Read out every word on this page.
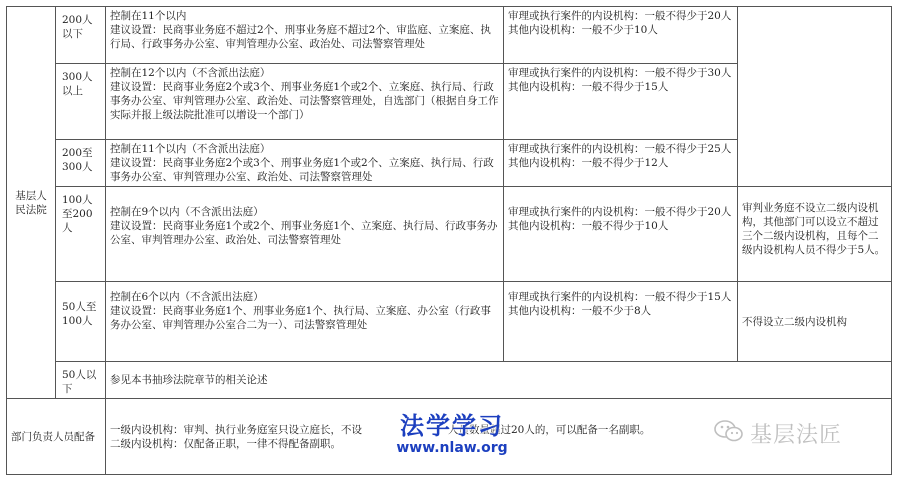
基层人民法院	200人以下	控制在11个以内
建议设置：民商事业务庭不超过2个、刑事业务庭不超过2个、审监庭、立案庭、执行局、行政事务办公室、审判管理办公室、政治处、司法警察管理处	审理或执行案件的内设机构：一般不得少于20人
其他内设机构：一般不少于10人	

	300人以上	控制在12个以内（不含派出法庭）
建议设置：民商事业务庭2个或3个、刑事业务庭1个或2个、立案庭、执行局、行政事务办公室、审判管理办公室、政治处、司法警察管理处，自选部门（根据自身工作实际并报上级法院批准可以增设一个部门）	审理或执行案件的内设机构：一般不得少于30人
其他内设机构：一般不得少于15人	

	200至300人	控制在11个以内（不含派出法庭）
建议设置：民商事业务庭2个或3个、刑事业务庭1个或2个、立案庭、执行局、行政事务办公室、审判管理办公室、政治处、司法警察管理处	审理或执行案件的内设机构：一般不得少于25人
其他内设机构：一般不得少于12人	

	100人至200人	控制在9个以内（不含派出法庭）
建议设置：民商事业务庭1个或2个、刑事业务庭1个、立案庭、执行局、行政事务办公室、审判管理办公室、政治处、司法警察管理处	审理或执行案件的内设机构：一般不得少于20人
其他内设机构：一般不得少于10人	审判业务庭不设立二级内设机构，其他部门可以设立不超过三个二级内设机构，且每个二级内设机构人员不得少于5人。
	50人至100人	控制在6个以内（不含派出法庭）
建议设置：民商事业务庭1个、刑事业务庭1个、执行局、立案庭、办公室（行政事务办公室、审判管理办公室合二为一）、司法警察管理处	审理或执行案件的内设机构：一般不得少于15人
其他内设机构：一般不少于8人	不得设立二级内设机构
	50人以下	参见本书抽珍法院章节的相关论述		
部门负责人员配备		一级内设机构：审判、执行业务庭室只设立庭长，不设 人员数量超过20人的，可以配备一名副职。
二级内设机构：仅配备正职，一律不得配备副职。		
法学学习
www.nlaw.org
基层法匠
